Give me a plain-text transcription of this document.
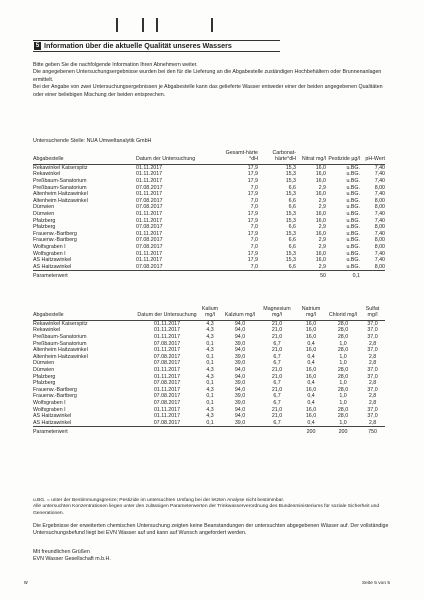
5 Information über die aktuelle Qualität unseres Wassers

Bitte geben Sie die nachfolgende Information Ihren Abnehmern weiter.

Die angegebenen Untersuchungsergebnisse wurden bei den für die Lieferung an die Abgabestelle zuständigen Hochbehältern oder Brunnenanlagen ermittelt.

Bei der Angabe von zwei Untersuchungsergebnissen je Abgabestelle kann das gelieferte Wasser entweder einer der beiden angegebenen Qualitäten oder einer beliebigen Mischung der beiden entsprechen.

Untersuchende Stelle: NUA Umweltanalytik GmbH
Abgabestelle	Datum der Untersuchung	Gesamt-härte °dH	Carbonat-härte°dH	Nitrat mg/l	Pestizide µg/l	pH-Wert
Rekawinkel Kaiserspitz	01.11.2017	17,9	15,3	16,0	u.BG.	7,40
Rekawinkel	01.11.2017	17,9	15,3	16,0	u.BG.	7,40
Preßbaum-Sanatorium	01.11.2017	17,9	15,3	16,0	u.BG.	7,40
Preßbaum-Sanatorium	07.08.2017	7,0	6,6	2,9	u.BG.	8,00
Altenheim Haitzawinkel	01.11.2017	17,9	15,3	16,0	u.BG.	7,40
Altenheim Haitzawinkel	07.08.2017	7,0	6,6	2,9	u.BG.	8,00
Dürrwien	07.08.2017	7,0	6,6	2,9	u.BG.	8,00
Dürrwien	01.11.2017	17,9	15,3	16,0	u.BG.	7,40
Pfalzberg	01.11.2017	17,9	15,3	16,0	u.BG.	7,40
Pfalzberg	07.08.2017	7,0	6,6	2,9	u.BG.	8,00
Frauenw.-Bartberg	01.11.2017	17,9	15,3	16,0	u.BG.	7,40
Frauenw.-Bartberg	07.08.2017	7,0	6,6	2,9	u.BG.	8,00
Wolfsgraben I	07.08.2017	7,0	6,6	2,9	u.BG.	8,00
Wolfsgraben I	01.11.2017	17,9	15,3	16,0	u.BG.	7,40
AS Haitzawinkel	01.11.2017	17,9	15,3	16,0	u.BG.	7,40
AS Haitzawinkel	07.08.2017	7,0	6,6	2,9	u.BG.	8,00
Parameterwert				50	0,1	
Abgabestelle	Datum der Untersuchung	Kalium mg/l	Kalzium mg/l	Magnesium mg/l	Natrium mg/l	Chlorid mg/l	Sulfat mg/l
Rekawinkel Kaiserspitz	01.11.2017	4,3	94,0	21,0	16,0	28,0	37,0
Rekawinkel	01.11.2017	4,3	94,0	21,0	16,0	28,0	37,0
Preßbaum-Sanatorium	01.11.2017	4,3	94,0	21,0	16,0	28,0	37,0
Preßbaum-Sanatorium	07.08.2017	0,1	39,0	6,7	0,4	1,0	2,8
Altenheim Haitzawinkel	01.11.2017	4,3	94,0	21,0	16,0	28,0	37,0
Altenheim Haitzawinkel	07.08.2017	0,1	39,0	6,7	0,4	1,0	2,8
Dürrwien	07.08.2017	0,1	39,0	6,7	0,4	1,0	2,8
Dürrwien	01.11.2017	4,3	94,0	21,0	16,0	28,0	37,0
Pfalzberg	01.11.2017	4,3	94,0	21,0	16,0	28,0	37,0
Pfalzberg	07.08.2017	0,1	39,0	6,7	0,4	1,0	2,8
Frauenw.-Bartberg	01.11.2017	4,3	94,0	21,0	16,0	28,0	37,0
Frauenw.-Bartberg	07.08.2017	0,1	39,0	6,7	0,4	1,0	2,8
Wolfsgraben I	07.08.2017	0,1	39,0	6,7	0,4	1,0	2,8
Wolfsgraben I	01.11.2017	4,3	94,0	21,0	16,0	28,0	37,0
AS Haitzawinkel	01.11.2017	4,3	94,0	21,0	16,0	28,0	37,0
AS Haitzawinkel	07.08.2017	0,1	39,0	6,7	0,4	1,0	2,8
Parameterwert					200	200	750
u.BG. = unter der Bestimmungsgrenze; Pestizide im untersuchten Umfang bei der letzten Analyse nicht bestimmbar.
Alle untersuchten Konzentrationen liegen unter den zulässigen Parameterwerten der Trinkwasserverordnung des Bundesministeriums für soziale Sicherheit und Generationen.
Die Ergebnisse der erweiterten chemischen Untersuchung zeigten keine Beanstandungen der untersuchten abgegebenen Wässer auf. Der vollständige Untersuchungsbefund liegt bei EVN Wasser auf und kann auf Wunsch angefordert werden.
Mit freundlichen Grüßen
EVN Wasser Gesellschaft m.b.H.
w	Seite 5 von 5
